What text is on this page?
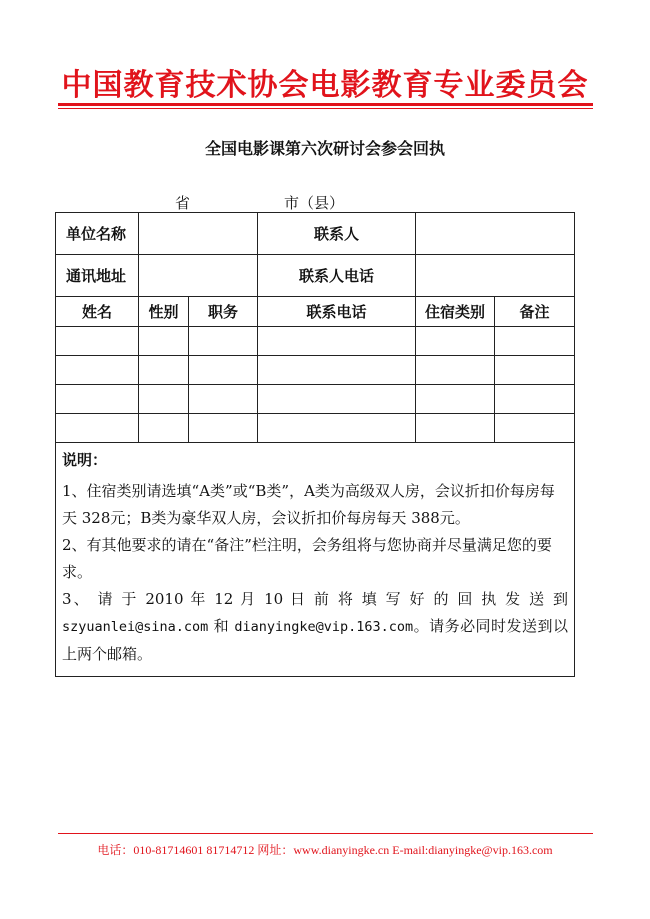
中国教育技术协会电影教育专业委员会
全国电影课第六次研讨会参会回执
省	市（县）
单位名称			联系人		
通讯地址			联系人电话		
姓名	性别	职务	联系电话	住宿类别	备注

说明：

1、住宿类别请选填“A类”或“B类”，A类为高级双人房，会议折扣价每房每天 328元；B类为豪华双人房，会议折扣价每房每天 388元。

2、有其他要求的请在“备注”栏注明，会务组将与您协商并尽量满足您的要求。

3、 请 于 2010 年 12 月 10 日 前 将 填 写 好 的 回 执 发 送 到 szyuanlei@sina.com 和 dianyingke@vip.163.com。请务必同时发送到以上两个邮箱。					

电话：010-81714601 81714712 网址：www.dianyingke.cn E-mail:dianyingke@vip.163.com
